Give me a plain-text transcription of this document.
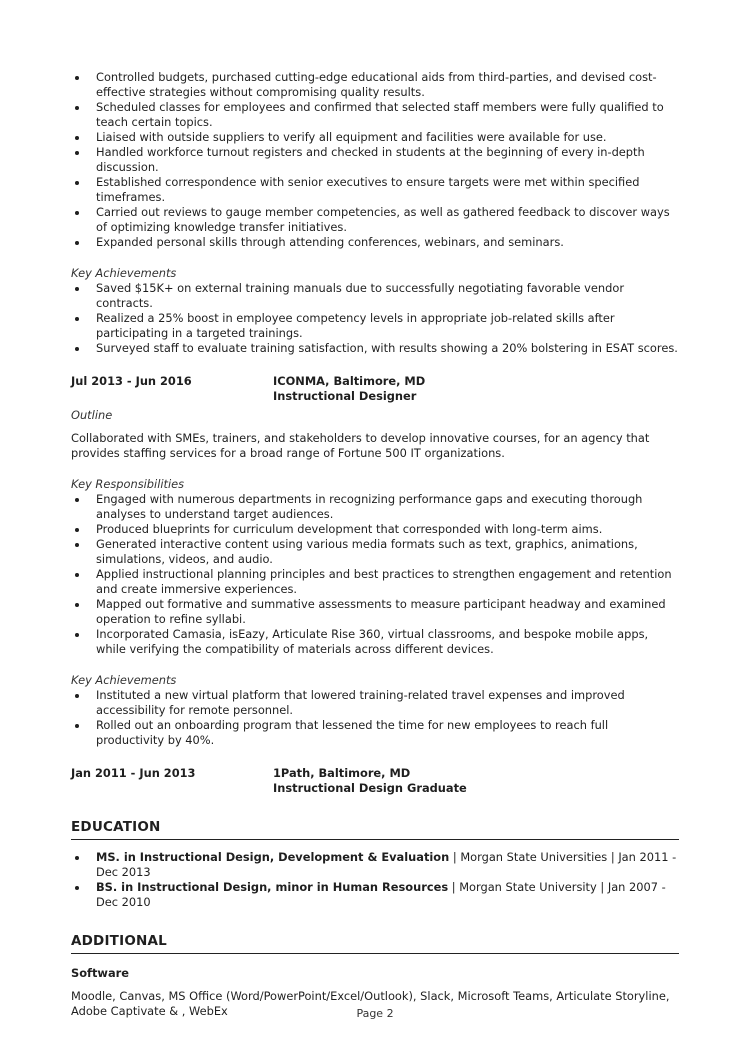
Controlled budgets, purchased cutting-edge educational aids from third-parties, and devised cost-effective strategies without compromising quality results.
Scheduled classes for employees and confirmed that selected staff members were fully qualified to teach certain topics.
Liaised with outside suppliers to verify all equipment and facilities were available for use.
Handled workforce turnout registers and checked in students at the beginning of every in-depth discussion.
Established correspondence with senior executives to ensure targets were met within specified timeframes.
Carried out reviews to gauge member competencies, as well as gathered feedback to discover ways of optimizing knowledge transfer initiatives.
Expanded personal skills through attending conferences, webinars, and seminars.
Key Achievements
Saved $15K+ on external training manuals due to successfully negotiating favorable vendor contracts.
Realized a 25% boost in employee competency levels in appropriate job-related skills after participating in a targeted trainings.
Surveyed staff to evaluate training satisfaction, with results showing a 20% bolstering in ESAT scores.
Jul 2013 - Jun 2016	ICONMA, Baltimore, MD
Instructional Designer
Outline
Collaborated with SMEs, trainers, and stakeholders to develop innovative courses, for an agency that provides staffing services for a broad range of Fortune 500 IT organizations.
Key Responsibilities
Engaged with numerous departments in recognizing performance gaps and executing thorough analyses to understand target audiences.
Produced blueprints for curriculum development that corresponded with long-term aims.
Generated interactive content using various media formats such as text, graphics, animations, simulations, videos, and audio.
Applied instructional planning principles and best practices to strengthen engagement and retention and create immersive experiences.
Mapped out formative and summative assessments to measure participant headway and examined operation to refine syllabi.
Incorporated Camasia, isEazy, Articulate Rise 360, virtual classrooms, and bespoke mobile apps, while verifying the compatibility of materials across different devices.
Key Achievements
Instituted a new virtual platform that lowered training-related travel expenses and improved accessibility for remote personnel.
Rolled out an onboarding program that lessened the time for new employees to reach full productivity by 40%.
Jan 2011 - Jun 2013	1Path, Baltimore, MD
Instructional Design Graduate
EDUCATION
MS. in Instructional Design, Development & Evaluation | Morgan State Universities | Jan 2011 - Dec 2013
BS. in Instructional Design, minor in Human Resources | Morgan State University | Jan 2007 - Dec 2010
ADDITIONAL
Software
Moodle, Canvas, MS Office (Word/PowerPoint/Excel/Outlook), Slack, Microsoft Teams, Articulate Storyline, Adobe Captivate & , WebEx	Page 2
